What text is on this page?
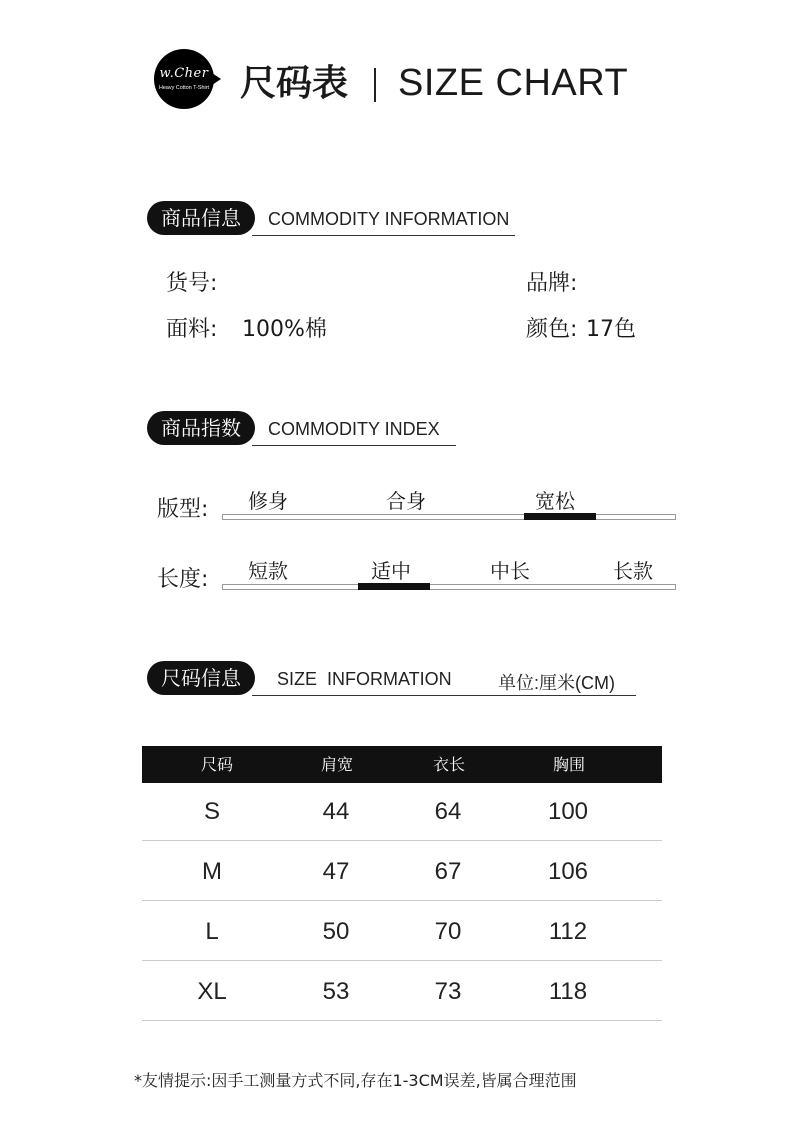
w.Cher
Heavy Cotton T-Shirt 尺码表 SIZE CHART
商品信息	COMMODITY INFORMATION
货号:	品牌:
面料: 100%棉	颜色: 17色
商品指数	COMMODITY INDEX
版型: 修身	合身	宽松
长度: 短款	适中	中长	长款
尺码信息	SIZE  INFORMATION	单位:厘米(CM)
尺码	肩宽	衣长	胸围
S	44	64	100
M	47	67	106
L	50	70	112
XL	53	73	118
*友情提示:因手工测量方式不同,存在1-3CM误差,皆属合理范围
